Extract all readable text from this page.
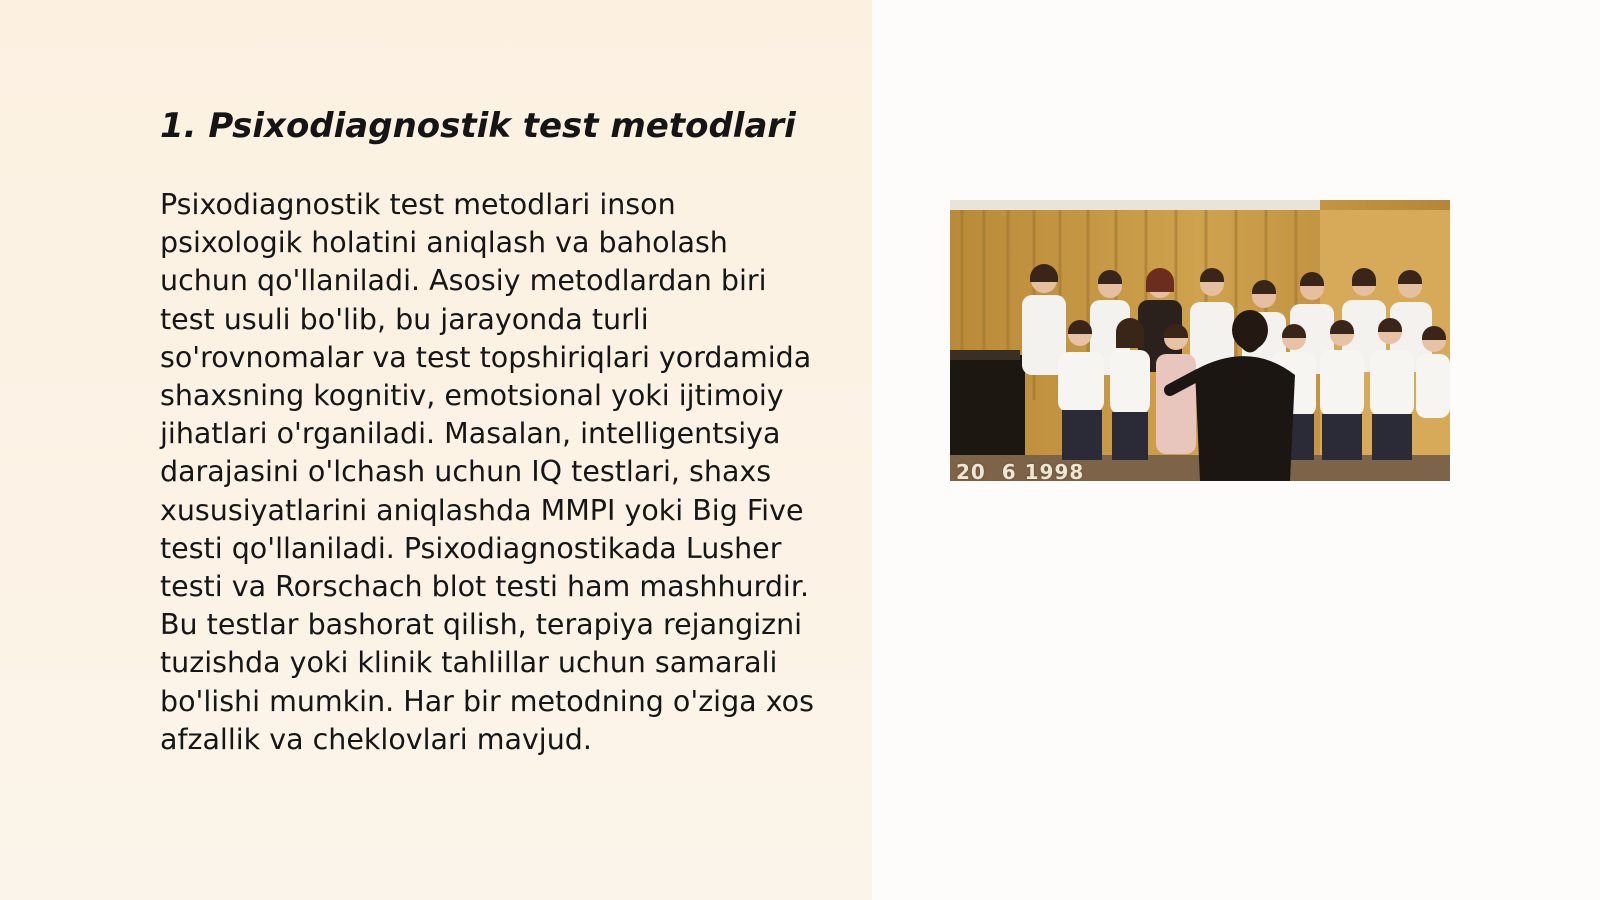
1. Psixodiagnostik test metodlari

Psixodiagnostik test metodlari inson psixologik holatini aniqlash va baholash uchun qo'llaniladi. Asosiy metodlardan biri test usuli bo'lib, bu jarayonda turli so'rovnomalar va test topshiriqlari yordamida shaxsning kognitiv, emotsional yoki ijtimoiy jihatlari o'rganiladi. Masalan, intelligentsiya darajasini o'lchash uchun IQ testlari, shaxs xususiyatlarini aniqlashda MMPI yoki Big Five testi qo'llaniladi. Psixodiagnostikada Lusher testi va Rorschach blot testi ham mashhurdir. Bu testlar bashorat qilish, terapiya rejangizni tuzishda yoki klinik tahlillar uchun samarali bo'lishi mumkin. Har bir metodning o'ziga xos afzallik va cheklovlari mavjud.

20  6 1998
